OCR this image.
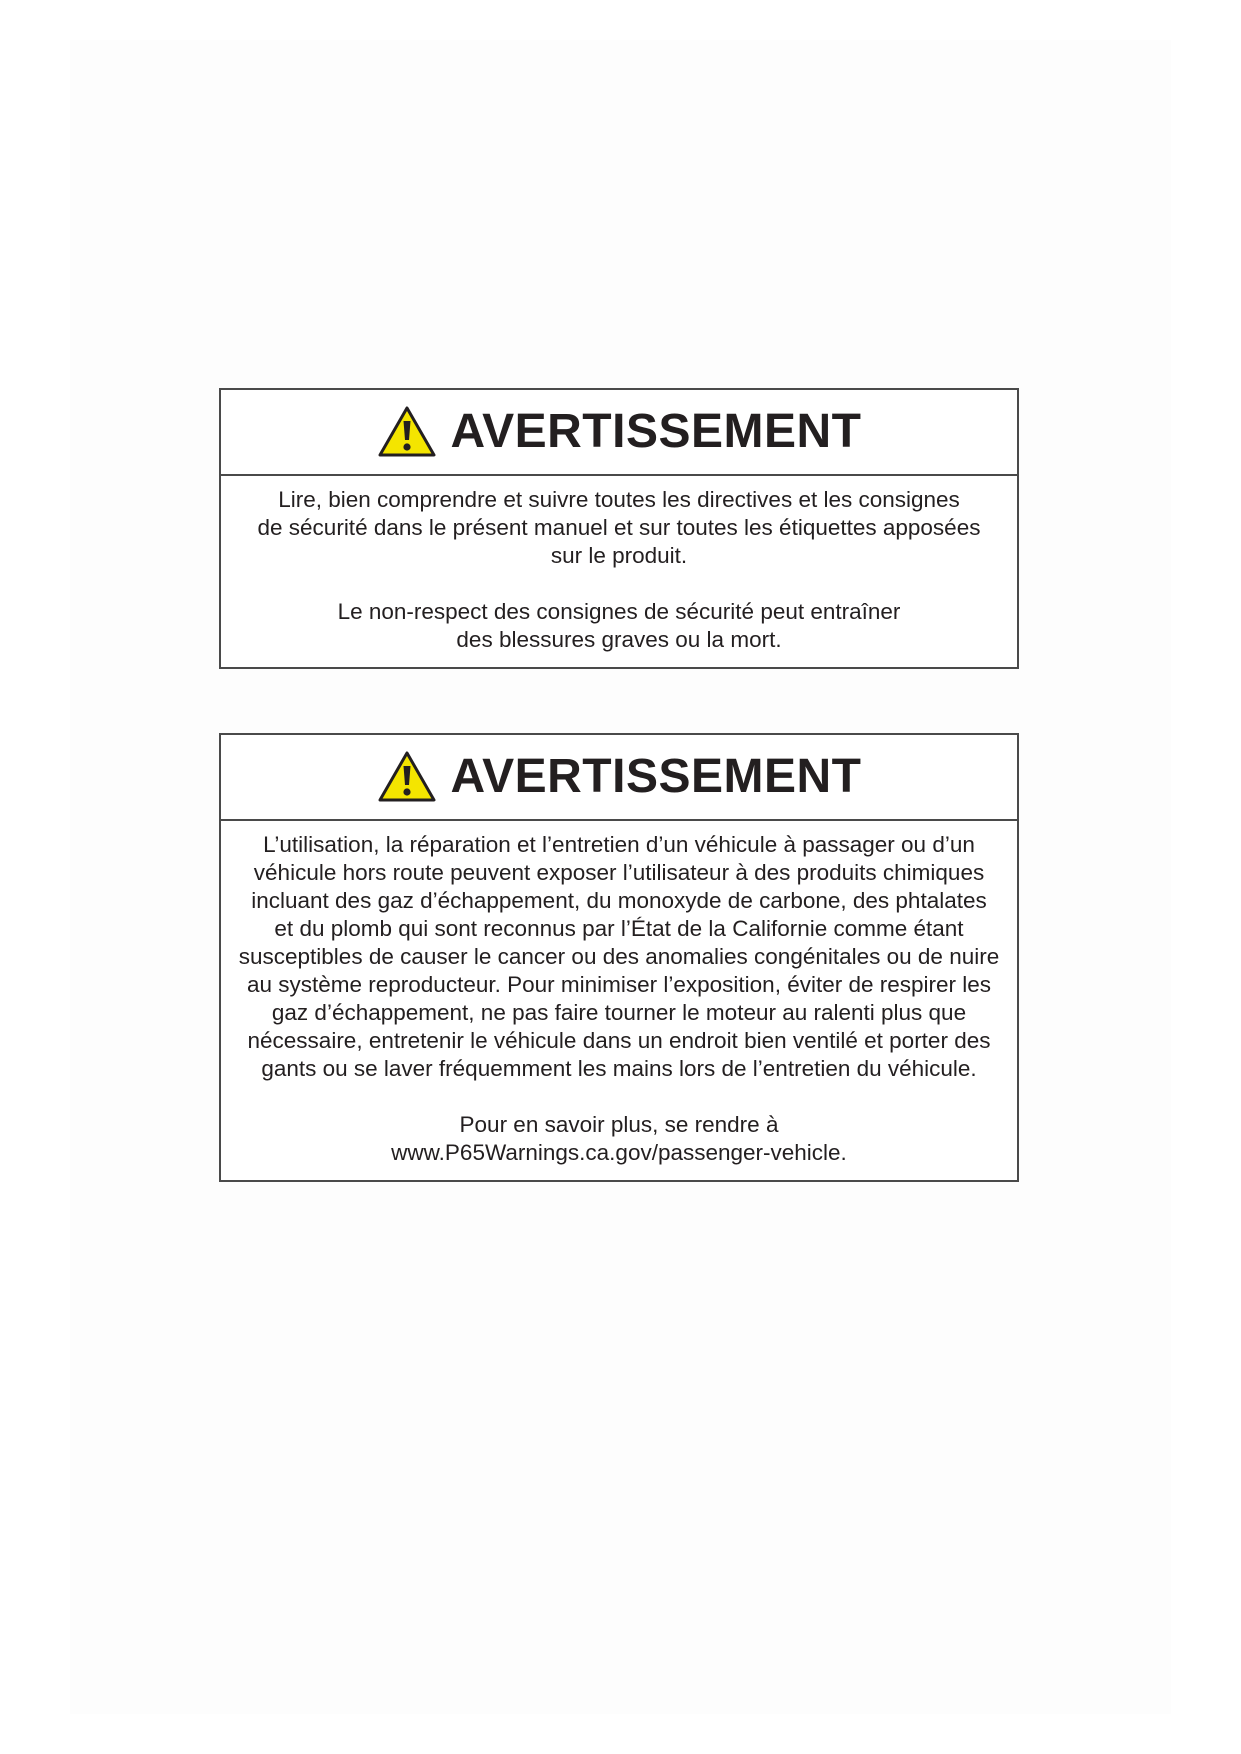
AVERTISSEMENT

Lire, bien comprendre et suivre toutes les directives et les consignes
de sécurité dans le présent manuel et sur toutes les étiquettes apposées
sur le produit.

Le non-respect des consignes de sécurité peut entraîner
des blessures graves ou la mort.

AVERTISSEMENT

L’utilisation, la réparation et l’entretien d’un véhicule à passager ou d’un
véhicule hors route peuvent exposer l’utilisateur à des produits chimiques
incluant des gaz d’échappement, du monoxyde de carbone, des phtalates
et du plomb qui sont reconnus par l’État de la Californie comme étant
susceptibles de causer le cancer ou des anomalies congénitales ou de nuire
au système reproducteur. Pour minimiser l’exposition, éviter de respirer les
gaz d’échappement, ne pas faire tourner le moteur au ralenti plus que
nécessaire, entretenir le véhicule dans un endroit bien ventilé et porter des
gants ou se laver fréquemment les mains lors de l’entretien du véhicule.

Pour en savoir plus, se rendre à
www.P65Warnings.ca.gov/passenger-vehicle.
